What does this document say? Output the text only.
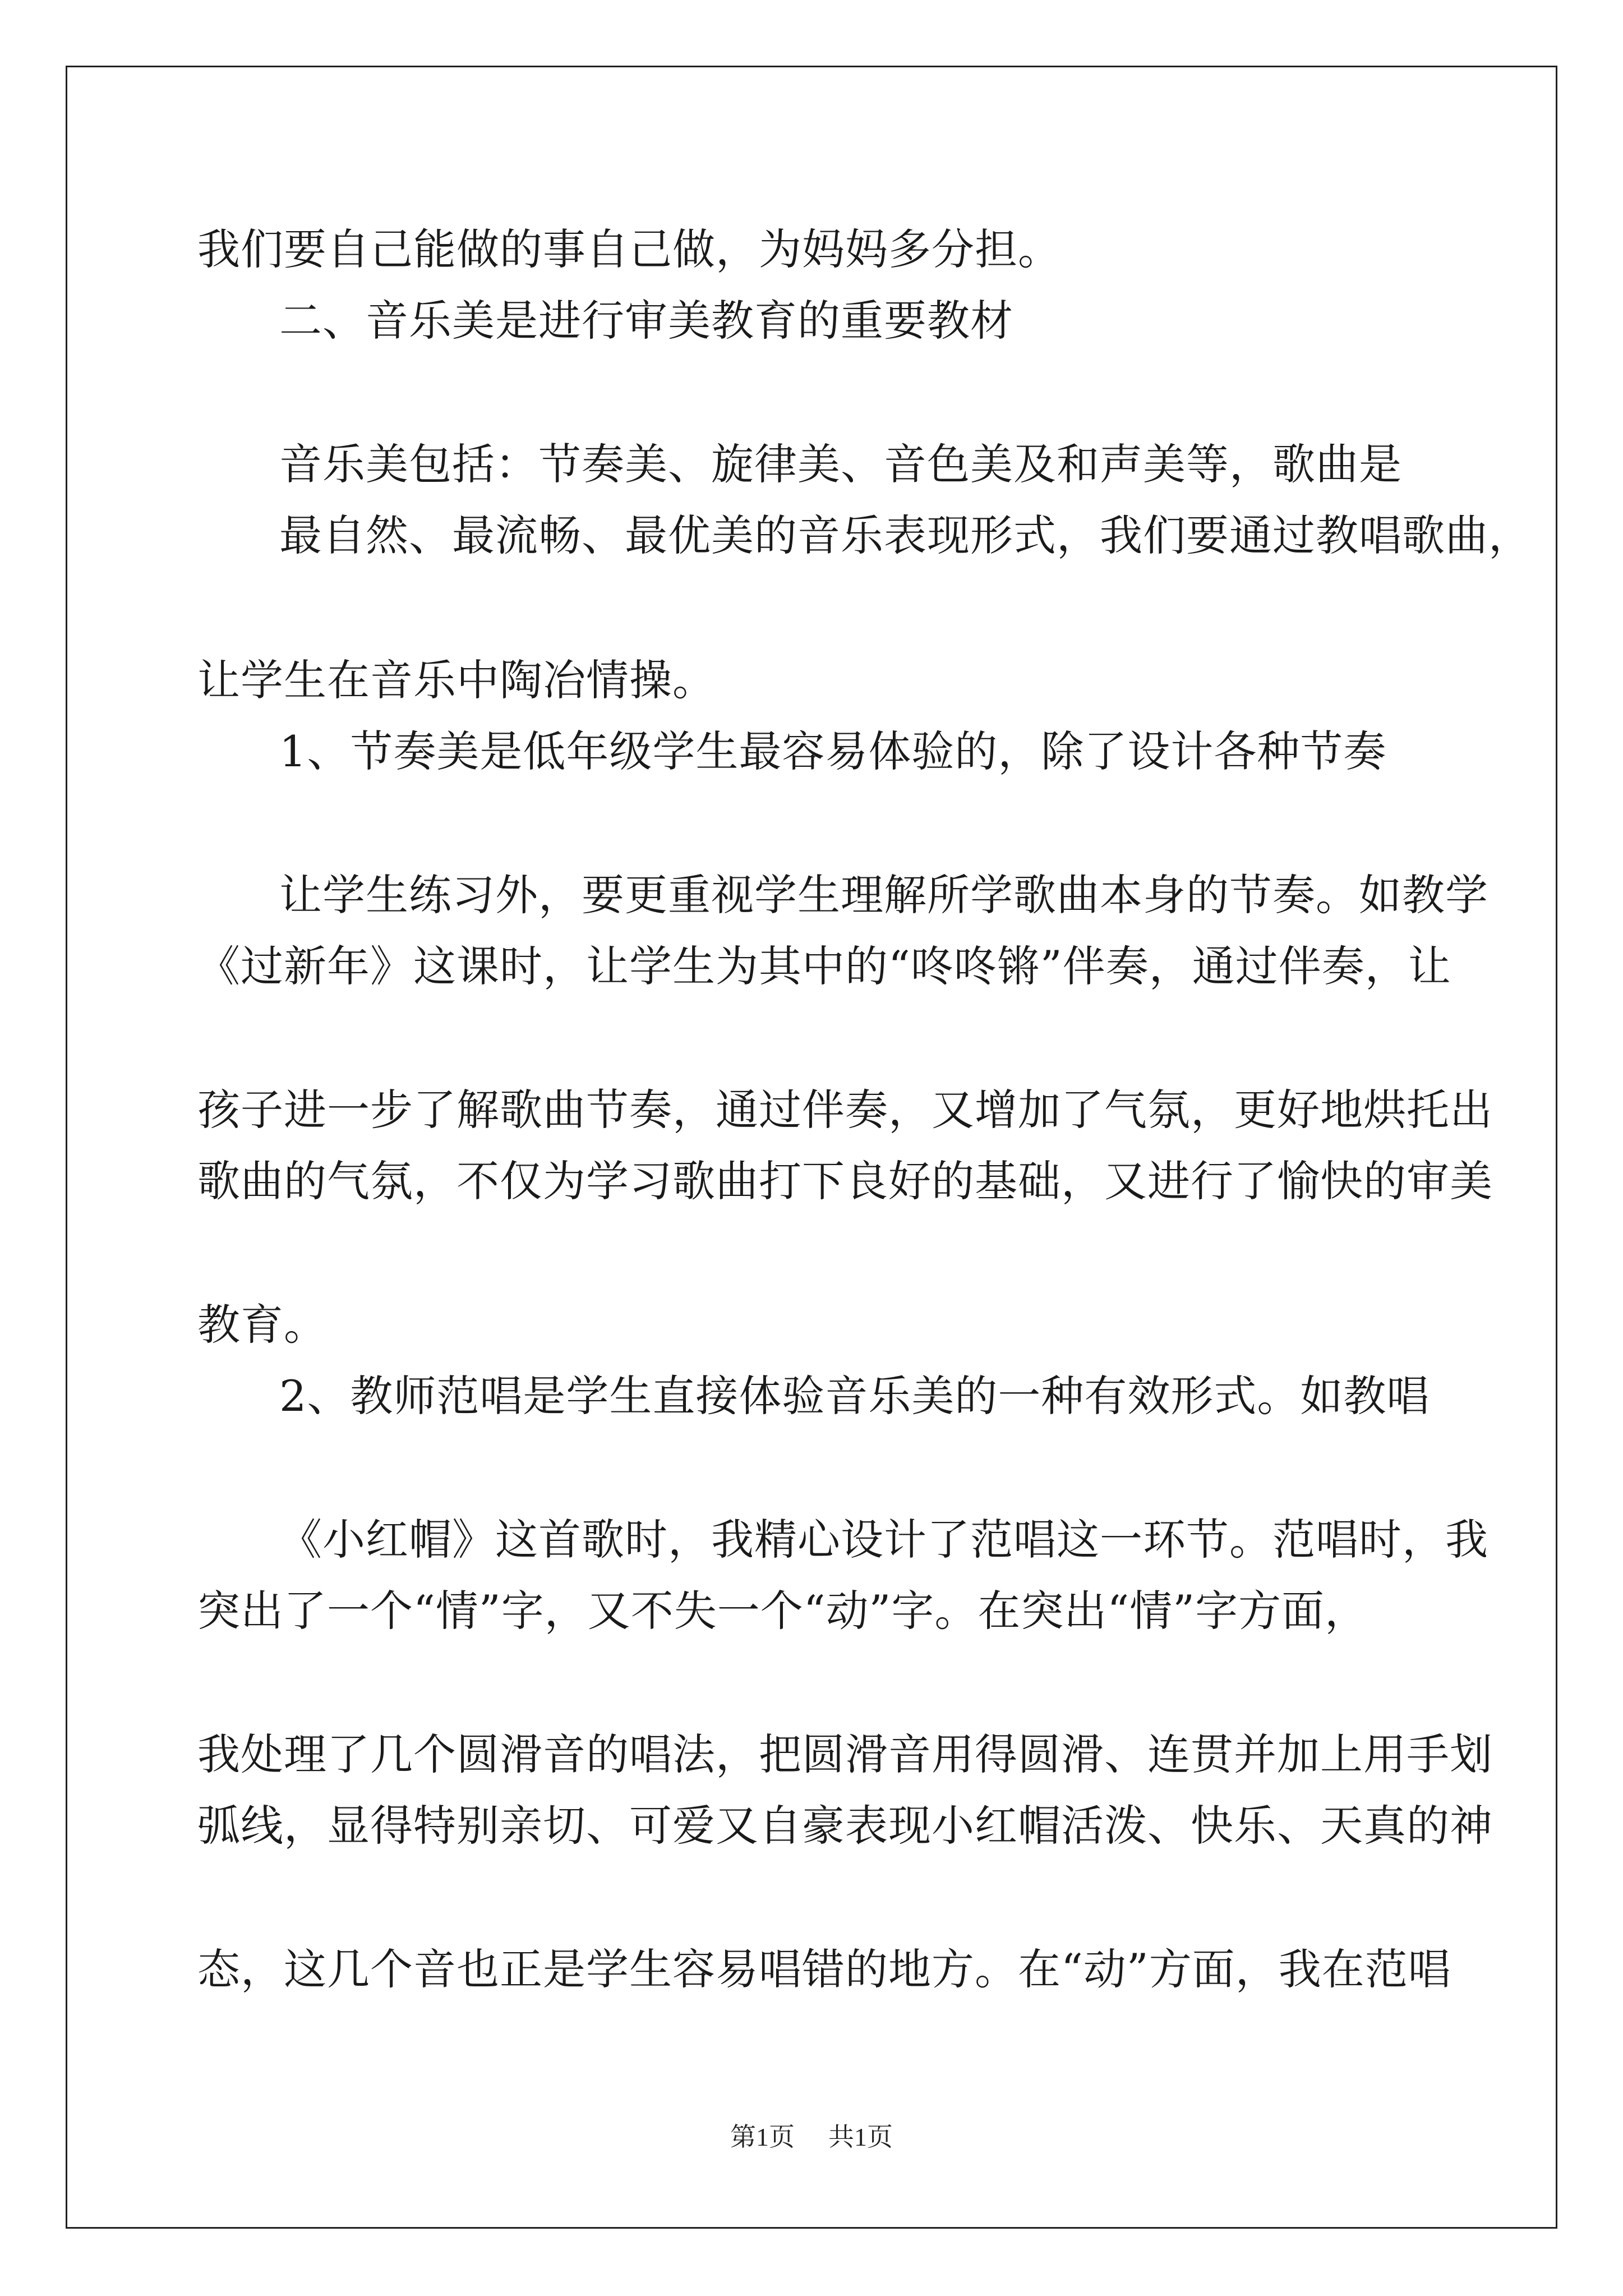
我们要自己能做的事自己做，为妈妈多分担。
二、音乐美是进行审美教育的重要教材
音乐美包括：节奏美、旋律美、音色美及和声美等，歌曲是
最自然、最流畅、最优美的音乐表现形式，我们要通过教唱歌曲，
让学生在音乐中陶冶情操。
1、节奏美是低年级学生最容易体验的，除了设计各种节奏
让学生练习外，要更重视学生理解所学歌曲本身的节奏。如教学
《过新年》这课时，让学生为其中的“咚咚锵”伴奏，通过伴奏，让
孩子进一步了解歌曲节奏，通过伴奏，又增加了气氛，更好地烘托出
歌曲的气氛，不仅为学习歌曲打下良好的基础，又进行了愉快的审美
教育。
2、教师范唱是学生直接体验音乐美的一种有效形式。如教唱
《小红帽》这首歌时，我精心设计了范唱这一环节。范唱时，我
突出了一个“情”字，又不失一个“动”字。在突出“情”字方面，
我处理了几个圆滑音的唱法，把圆滑音用得圆滑、连贯并加上用手划
弧线，显得特别亲切、可爱又自豪表现小红帽活泼、快乐、天真的神
态，这几个音也正是学生容易唱错的地方。在“动”方面，我在范唱
第1页 共1页
